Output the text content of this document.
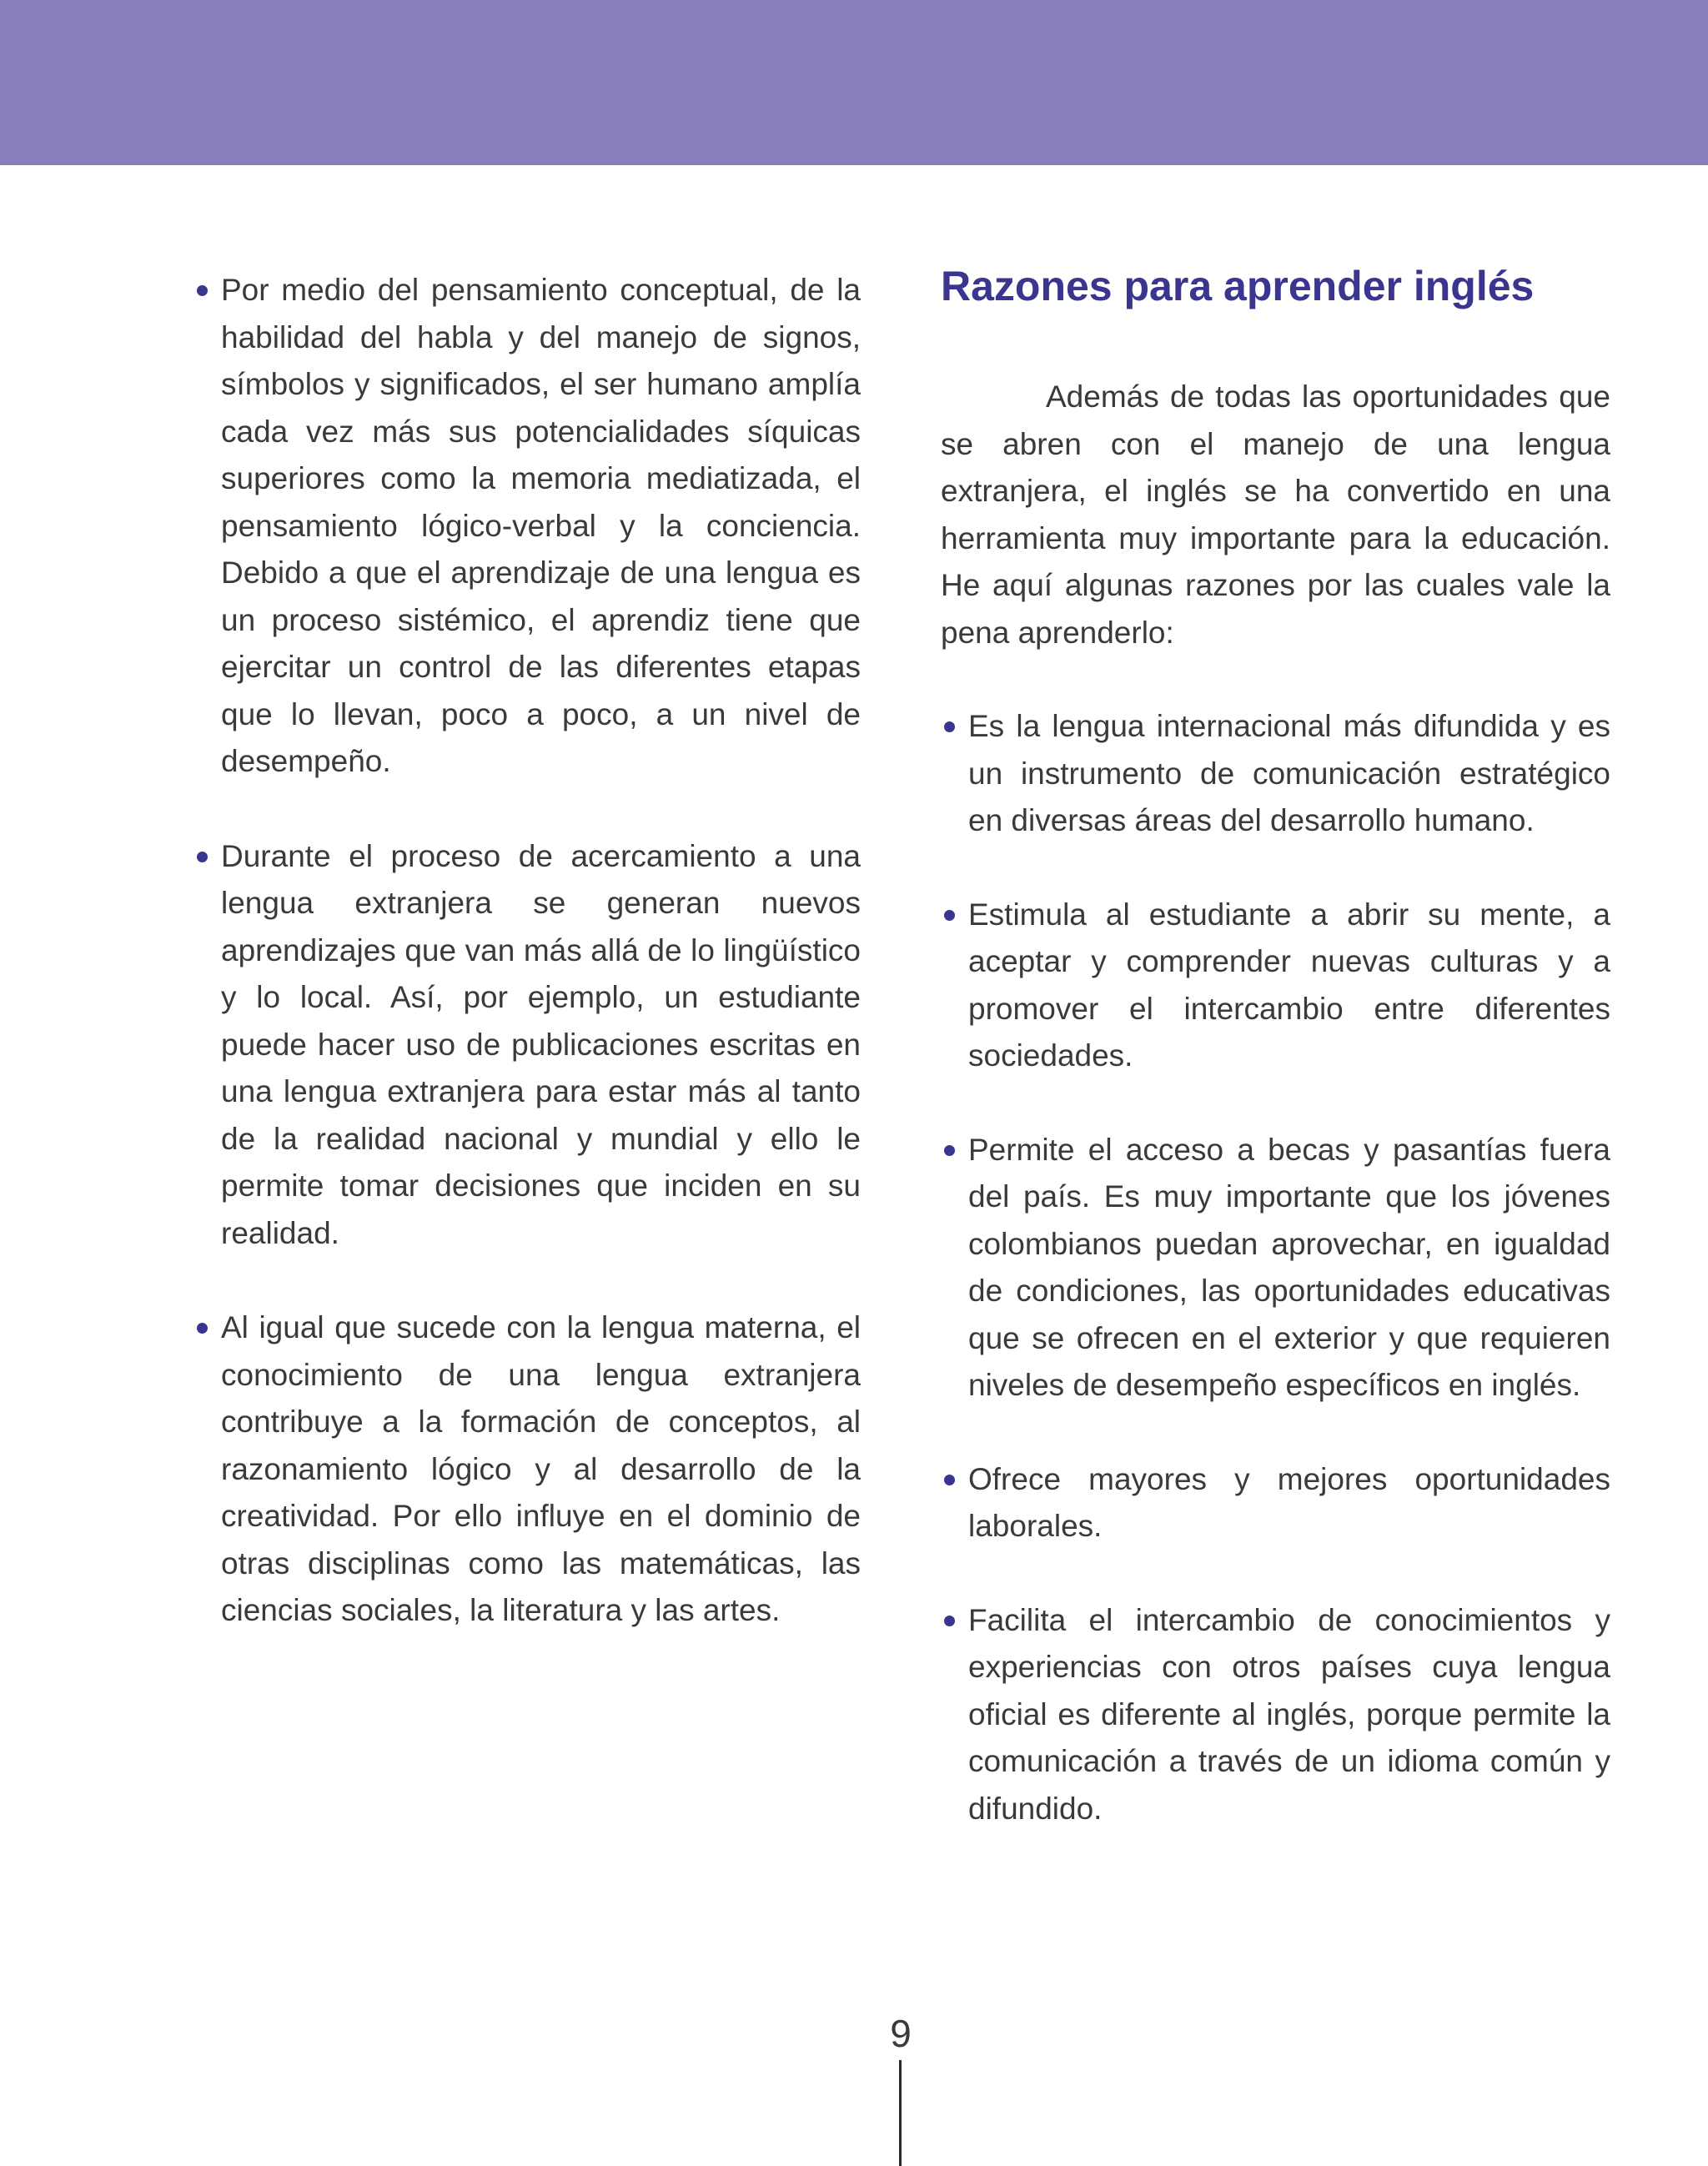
Por medio del pensamiento conceptual, de la habilidad del habla y del manejo de signos, símbolos y significados, el ser humano amplía cada vez más sus potencialidades síquicas superiores como la memoria mediatizada, el pensamiento lógico-verbal y la conciencia. Debido a que el aprendizaje de una lengua es un proceso sistémico, el aprendiz tiene que ejercitar un control de las diferentes etapas que lo llevan, poco a poco, a un nivel de desempeño.
Durante el proceso de acercamiento a una lengua extranjera se generan nuevos aprendizajes que van más allá de lo lingüístico y lo local. Así, por ejemplo, un estudiante puede hacer uso de publicaciones escritas en una lengua extranjera para estar más al tanto de la realidad nacional y mundial y ello le permite tomar decisiones que inciden en su realidad.
Al igual que sucede con la lengua materna, el conocimiento de una lengua extranjera contribuye a la formación de conceptos, al razonamiento lógico y al desarrollo de la creatividad. Por ello influye en el dominio de otras disciplinas como las matemáticas, las ciencias sociales, la literatura y las artes.
Razones para aprender inglés

Además de todas las oportunidades que se abren con el manejo de una lengua extranjera, el inglés se ha convertido en una herramienta muy importante para la educación. He aquí algunas razones por las cuales vale la pena aprenderlo:

Es la lengua internacional más difundida y es un instrumento de comunicación estratégico en diversas áreas del desarrollo humano.
Estimula al estudiante a abrir su mente, a aceptar y comprender nuevas culturas y a promover el intercambio entre diferentes sociedades.
Permite el acceso a becas y pasantías fuera del país. Es muy importante que los jóvenes colombianos puedan aprovechar, en igualdad de condiciones, las oportunidades educativas que se ofrecen en el exterior y que requieren niveles de desempeño específicos en inglés.
Ofrece mayores y mejores oportunidades laborales.
Facilita el intercambio de conocimientos y experiencias con otros países cuya lengua oficial es diferente al inglés, porque permite la comunicación a través de un idioma común y difundido.
9
